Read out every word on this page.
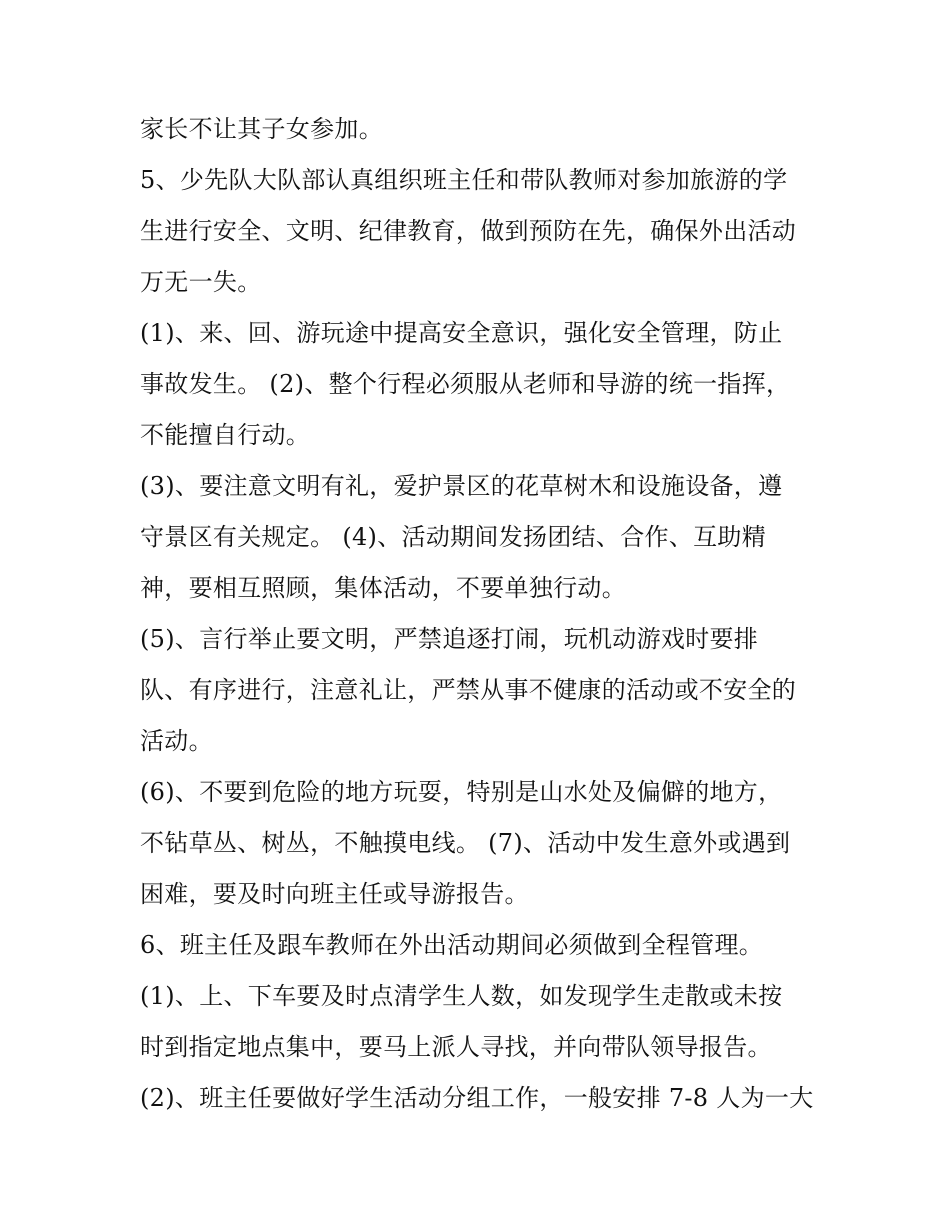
家长不让其子女参加。
5、少先队大队部认真组织班主任和带队教师对参加旅游的学
生进行安全、文明、纪律教育，做到预防在先，确保外出活动
万无一失。
(1)、来、回、游玩途中提高安全意识，强化安全管理，防止
事故发生。 (2)、整个行程必须服从老师和导游的统一指挥，
不能擅自行动。
(3)、要注意文明有礼，爱护景区的花草树木和设施设备，遵
守景区有关规定。 (4)、活动期间发扬团结、合作、互助精
神，要相互照顾，集体活动，不要单独行动。
(5)、言行举止要文明，严禁追逐打闹，玩机动游戏时要排
队、有序进行，注意礼让，严禁从事不健康的活动或不安全的
活动。
(6)、不要到危险的地方玩耍，特别是山水处及偏僻的地方，
不钻草丛、树丛，不触摸电线。 (7)、活动中发生意外或遇到
困难，要及时向班主任或导游报告。
6、班主任及跟车教师在外出活动期间必须做到全程管理。
(1)、上、下车要及时点清学生人数，如发现学生走散或未按
时到指定地点集中，要马上派人寻找，并向带队领导报告。
(2)、班主任要做好学生活动分组工作，一般安排 7-8 人为一大
